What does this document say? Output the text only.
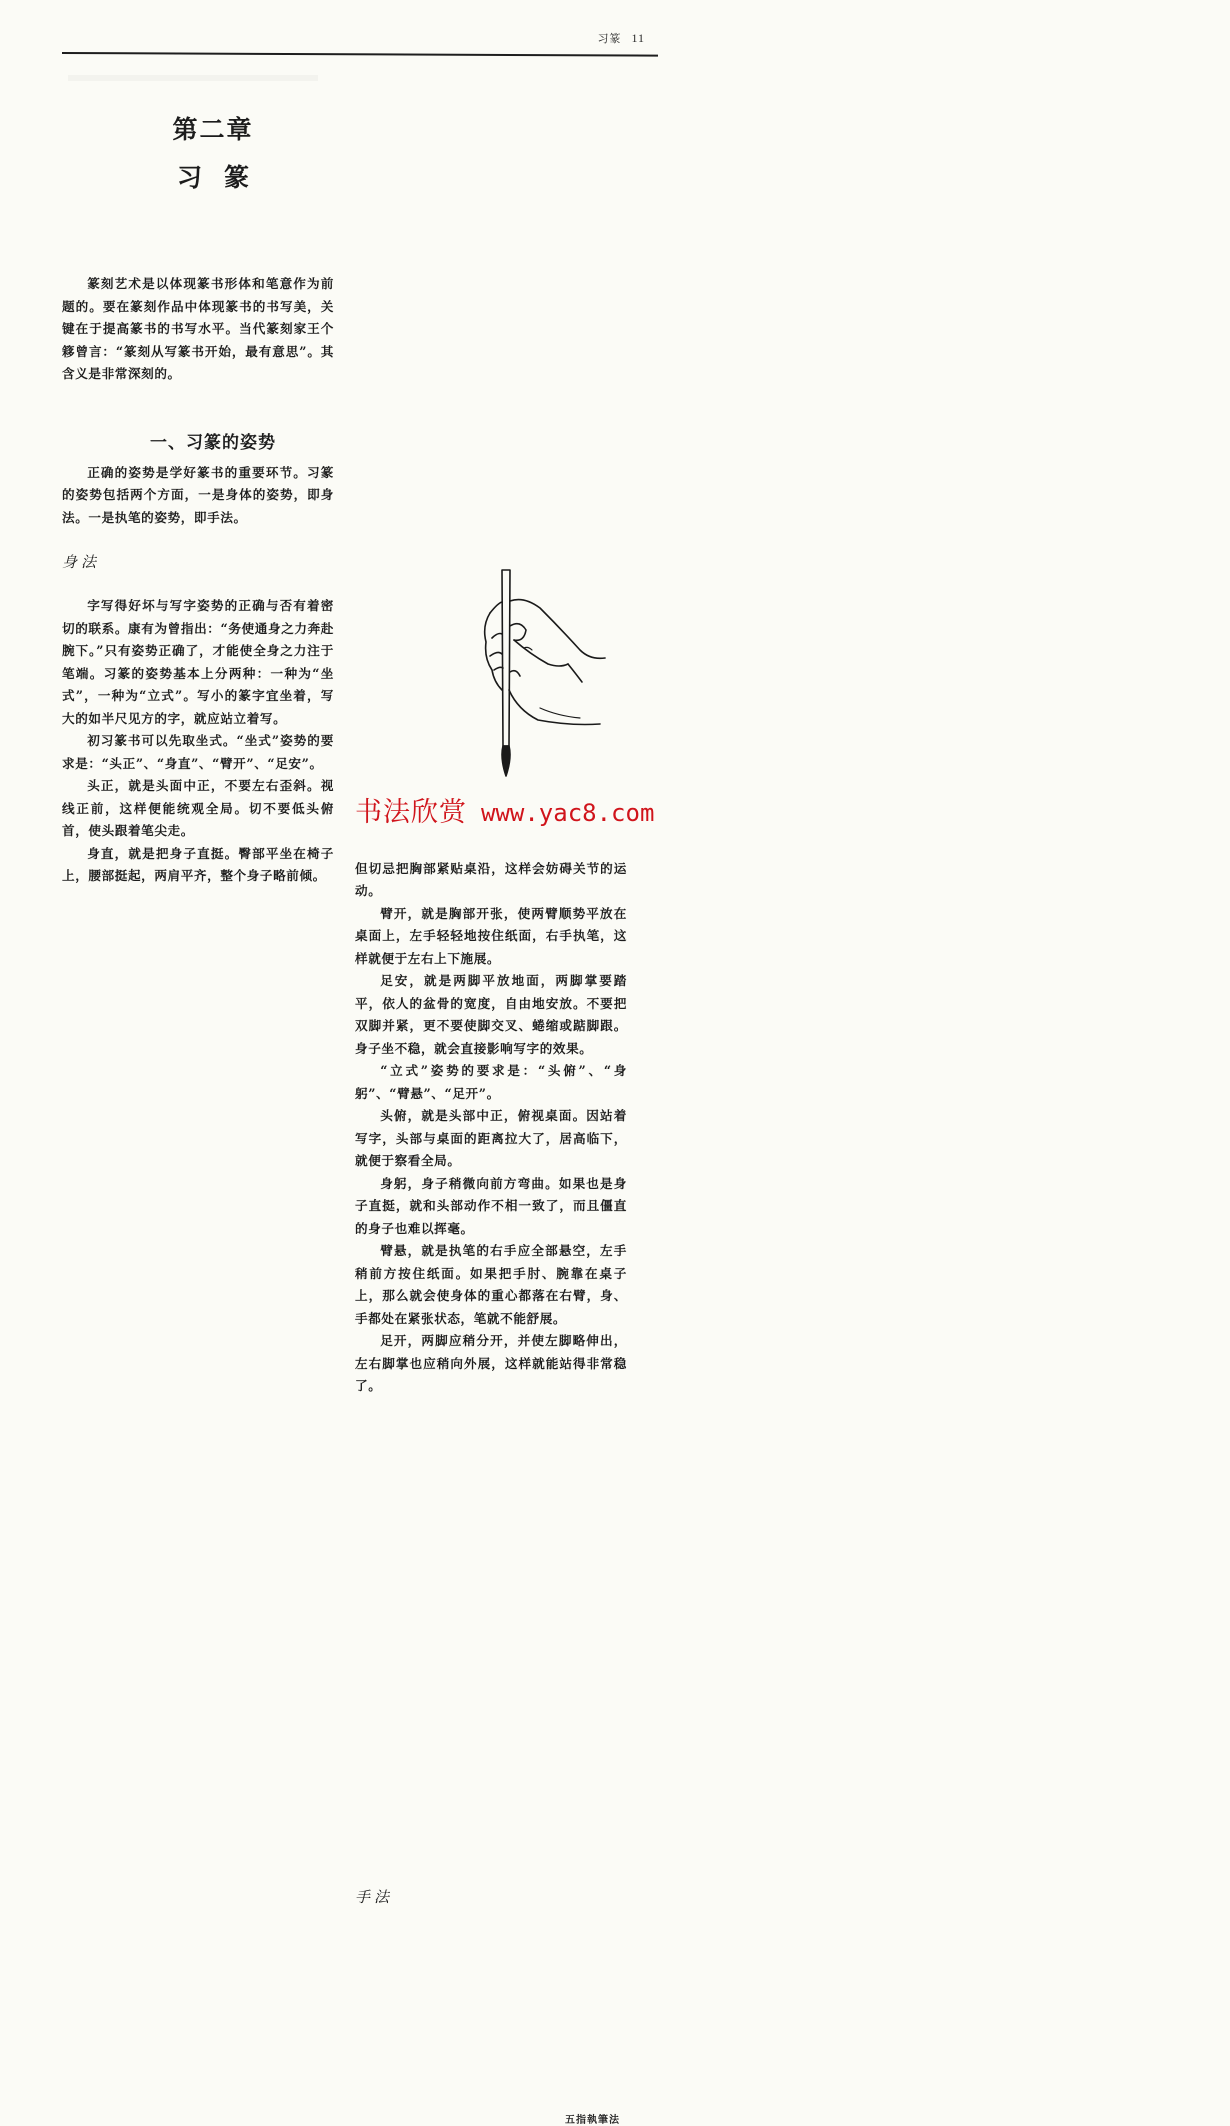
习篆 11
第二章
习篆

篆刻艺术是以体现篆书形体和笔意作为前题的。要在篆刻作品中体现篆书的书写美，关键在于提高篆书的书写水平。当代篆刻家王个簃曾言：“篆刻从写篆书开始，最有意思”。其含义是非常深刻的。

一、习篆的姿势

正确的姿势是学好篆书的重要环节。习篆的姿势包括两个方面，一是身体的姿势，即身法。一是执笔的姿势，即手法。

身法

字写得好坏与写字姿势的正确与否有着密切的联系。康有为曾指出：“务使通身之力奔赴腕下。”只有姿势正确了，才能使全身之力注于笔端。习篆的姿势基本上分两种：一种为“坐式”，一种为“立式”。写小的篆字宜坐着，写大的如半尺见方的字，就应站立着写。

初习篆书可以先取坐式。“坐式”姿势的要求是：“头正”、“身直”、“臂开”、“足安”。

头正，就是头面中正，不要左右歪斜。视线正前，这样便能统观全局。切不要低头俯首，使头跟着笔尖走。

身直，就是把身子直挺。臀部平坐在椅子上，腰部挺起，两肩平齐，整个身子略前倾。	但切忌把胸部紧贴桌沿，这样会妨碍关节的运动。

臂开，就是胸部开张，使两臂顺势平放在桌面上，左手轻轻地按住纸面，右手执笔，这样就便于左右上下施展。

足安，就是两脚平放地面，两脚掌要踏平，依人的盆骨的宽度，自由地安放。不要把双脚并紧，更不要使脚交叉、蜷缩或踮脚跟。身子坐不稳，就会直接影响写字的效果。

“立式”姿势的要求是：“头俯”、“身躬”、“臂悬”、“足开”。

头俯，就是头部中正，俯视桌面。因站着写字，头部与桌面的距离拉大了，居高临下，就便于察看全局。

身躬，身子稍微向前方弯曲。如果也是身子直挺，就和头部动作不相一致了，而且僵直的身子也难以挥毫。

臂悬，就是执笔的右手应全部悬空，左手稍前方按住纸面。如果把手肘、腕靠在桌子上，那么就会使身体的重心都落在右臂，身、手都处在紧张状态，笔就不能舒展。

足开，两脚应稍分开，并使左脚略伸出，左右脚掌也应稍向外展，这样就能站得非常稳了。

手法
五指執筆法
书法欣赏 www.yac8.com
